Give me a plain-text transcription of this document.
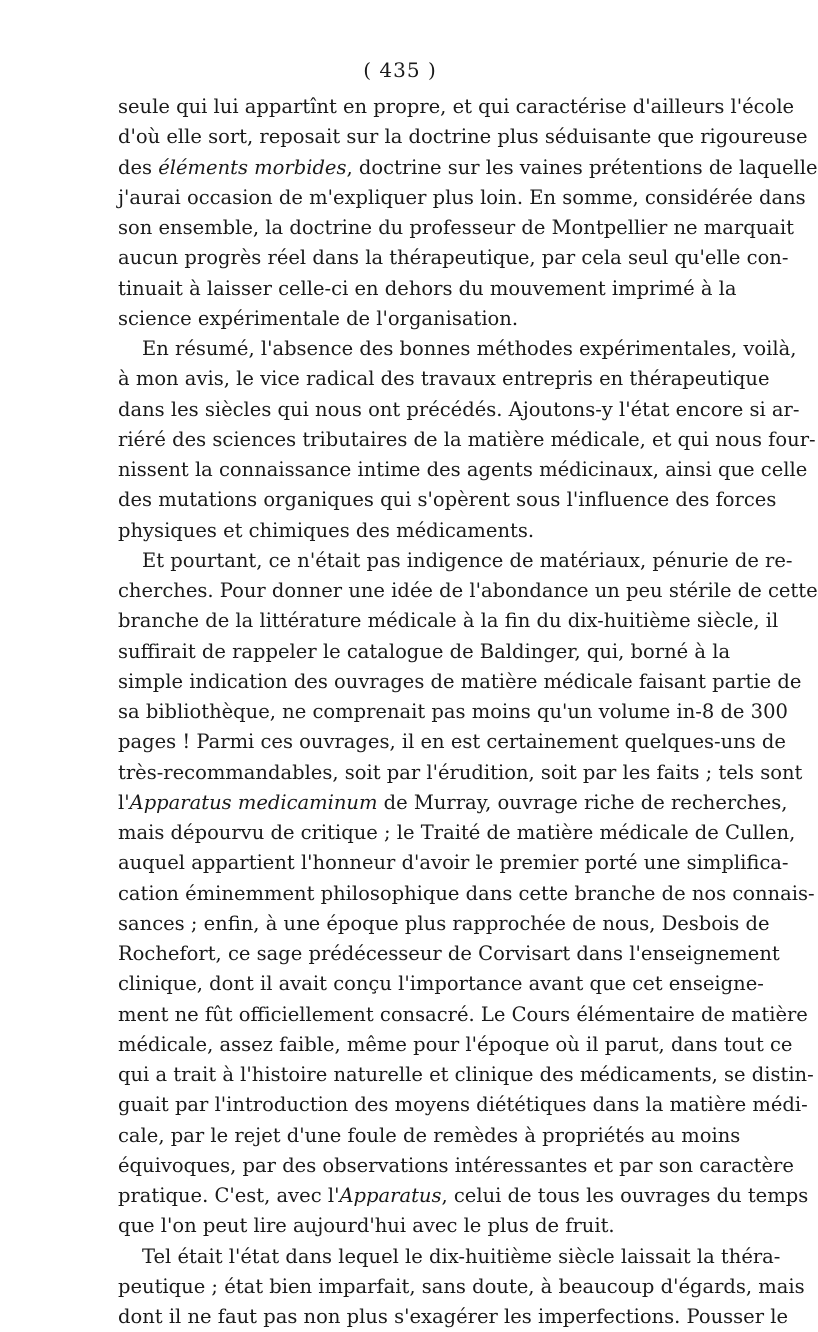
( 435 )
seule qui lui appartînt en propre, et qui caractérise d'ailleurs l'école
d'où elle sort, reposait sur la doctrine plus séduisante que rigoureuse
des éléments morbides, doctrine sur les vaines prétentions de laquelle
j'aurai occasion de m'expliquer plus loin. En somme, considérée dans
son ensemble, la doctrine du professeur de Montpellier ne marquait
aucun progrès réel dans la thérapeutique, par cela seul qu'elle con-
tinuait à laisser celle-ci en dehors du mouvement imprimé à la
science expérimentale de l'organisation.
En résumé, l'absence des bonnes méthodes expérimentales, voilà,
à mon avis, le vice radical des travaux entrepris en thérapeutique
dans les siècles qui nous ont précédés. Ajoutons-y l'état encore si ar-
riéré des sciences tributaires de la matière médicale, et qui nous four-
nissent la connaissance intime des agents médicinaux, ainsi que celle
des mutations organiques qui s'opèrent sous l'influence des forces
physiques et chimiques des médicaments.
Et pourtant, ce n'était pas indigence de matériaux, pénurie de re-
cherches. Pour donner une idée de l'abondance un peu stérile de cette
branche de la littérature médicale à la fin du dix-huitième siècle, il
suffirait de rappeler le catalogue de Baldinger, qui, borné à la
simple indication des ouvrages de matière médicale faisant partie de
sa bibliothèque, ne comprenait pas moins qu'un volume in-8 de 300
pages ! Parmi ces ouvrages, il en est certainement quelques-uns de
très-recommandables, soit par l'érudition, soit par les faits ; tels sont
l'Apparatus medicaminum de Murray, ouvrage riche de recherches,
mais dépourvu de critique ; le Traité de matière médicale de Cullen,
auquel appartient l'honneur d'avoir le premier porté une simplifica-
cation éminemment philosophique dans cette branche de nos connais-
sances ; enfin, à une époque plus rapprochée de nous, Desbois de
Rochefort, ce sage prédécesseur de Corvisart dans l'enseignement
clinique, dont il avait conçu l'importance avant que cet enseigne-
ment ne fût officiellement consacré. Le Cours élémentaire de matière
médicale, assez faible, même pour l'époque où il parut, dans tout ce
qui a trait à l'histoire naturelle et clinique des médicaments, se distin-
guait par l'introduction des moyens diététiques dans la matière médi-
cale, par le rejet d'une foule de remèdes à propriétés au moins
équivoques, par des observations intéressantes et par son caractère
pratique. C'est, avec l'Apparatus, celui de tous les ouvrages du temps
que l'on peut lire aujourd'hui avec le plus de fruit.
Tel était l'état dans lequel le dix-huitième siècle laissait la théra-
peutique ; état bien imparfait, sans doute, à beaucoup d'égards, mais
dont il ne faut pas non plus s'exagérer les imperfections. Pousser le
